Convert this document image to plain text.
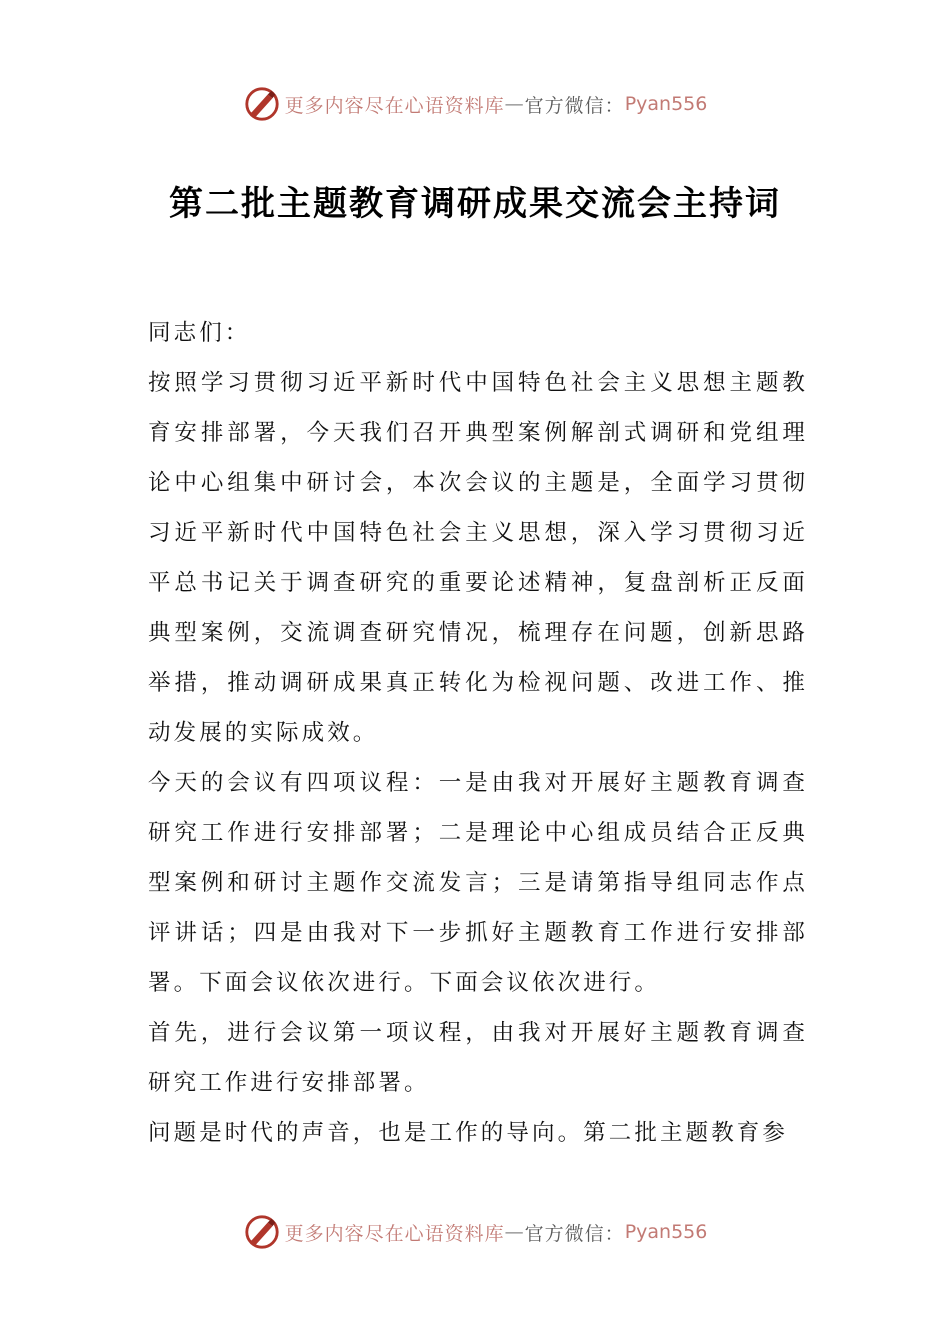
更多内容尽在心语资料库 — 官方微信： Pyan556
第二批主题教育调研成果交流会主持词

同志们：

按照学习贯彻习近平新时代中国特色社会主义思想主题教育安排部署，今天我们召开典型案例解剖式调研和党组理论中心组集中研讨会，本次会议的主题是，全面学习贯彻习近平新时代中国特色社会主义思想，深入学习贯彻习近平总书记关于调查研究的重要论述精神，复盘剖析正反面典型案例，交流调查研究情况，梳理存在问题，创新思路举措，推动调研成果真正转化为检视问题、改进工作、推动发展的实际成效。

今天的会议有四项议程：一是由我对开展好主题教育调查研究工作进行安排部署；二是理论中心组成员结合正反典型案例和研讨主题作交流发言；三是请第指导组同志作点评讲话；四是由我对下一步抓好主题教育工作进行安排部署。下面会议依次进行。下面会议依次进行。

首先，进行会议第一项议程，由我对开展好主题教育调查研究工作进行安排部署。

问题是时代的声音，也是工作的导向。第二批主题教育参

更多内容尽在心语资料库 — 官方微信： Pyan556
